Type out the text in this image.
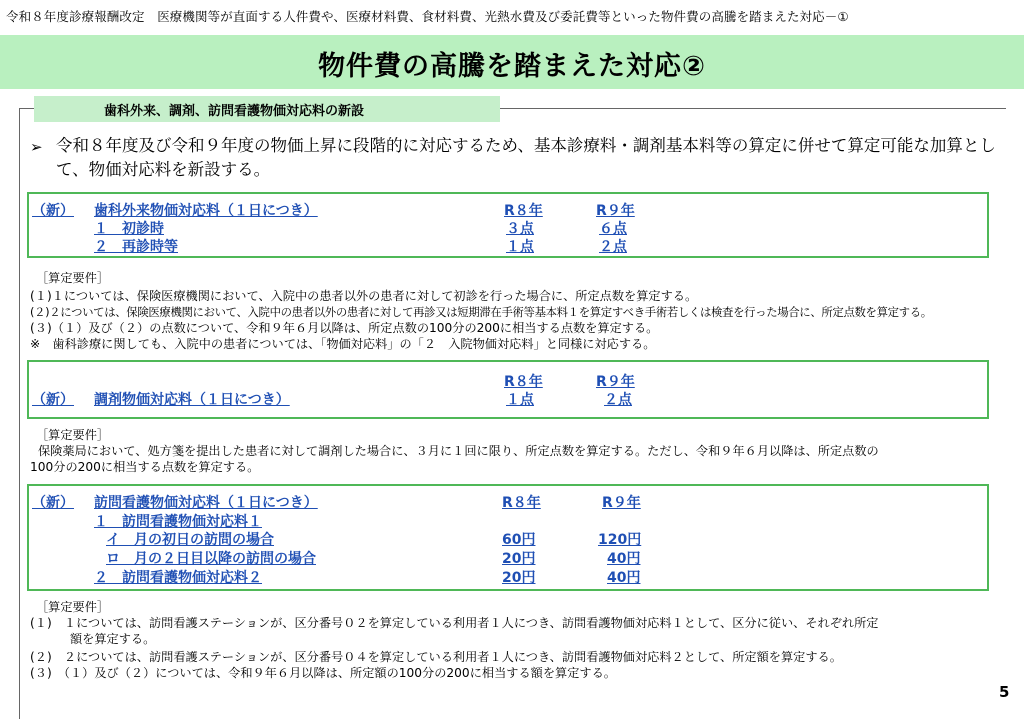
令和８年度診療報酬改定　医療機関等が直面する人件費や、医療材料費、食材料費、光熱水費及び委託費等といった物件費の高騰を踏まえた対応－①
物件費の高騰を踏まえた対応②
歯科外来、調剤、訪問看護物価対応料の新設
➢ 令和８年度及び令和９年度の物価上昇に段階的に対応するため、基本診療料・調剤基本料等の算定に併せて算定可能な加算として、物価対応料を新設する。
（新） 歯科外来物価対応料（１日につき）	R８年	R９年
１　初診時	３点	６点
２　再診時等	１点	２点
［算定要件］
(１)１については、保険医療機関において、入院中の患者以外の患者に対して初診を行った場合に、所定点数を算定する。
(２)２については、保険医療機関において、入院中の患者以外の患者に対して再診又は短期滞在手術等基本料１を算定すべき手術若しくは検査を行った場合に、所定点数を算定する。
(３)（１）及び（２）の点数について、令和９年６月以降は、所定点数の100分の200に相当する点数を算定する。
※　歯科診療に関しても、入院中の患者については、「物価対応料」の「２　入院物価対応料」と同様に対応する。
R８年	R９年
（新） 調剤物価対応料（１日につき）	１点	２点
［算定要件］
保険薬局において、処方箋を提出した患者に対して調剤した場合に、３月に１回に限り、所定点数を算定する。ただし、令和９年６月以降は、所定点数の
100分の200に相当する点数を算定する。
（新） 訪問看護物価対応料（１日につき）	R８年	R９年
１　訪問看護物価対応料１
イ　月の初日の訪問の場合	60円	120円
ロ　月の２日目以降の訪問の場合	20円	40円
２　訪問看護物価対応料２	20円	40円
［算定要件］
(１)　１については、訪問看護ステーションが、区分番号０２を算定している利用者１人につき、訪問看護物価対応料１として、区分に従い、それぞれ所定
額を算定する。
(２)　２については、訪問看護ステーションが、区分番号０４を算定している利用者１人につき、訪問看護物価対応料２として、所定額を算定する。
(３)　（１）及び（２）については、令和９年６月以降は、所定額の100分の200に相当する額を算定する。
5
